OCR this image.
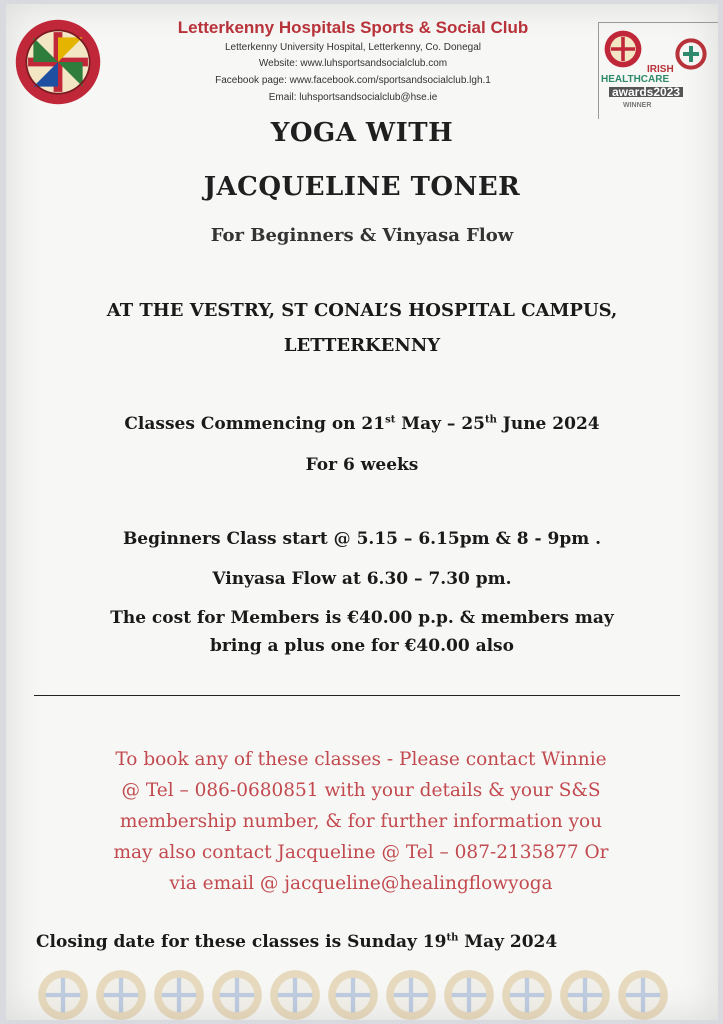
Letterkenny Hospitals Sports & Social Club
Letterkenny University Hospital, Letterkenny, Co. Donegal
Website: www.luhsportsandsocialclub.com
Facebook page: www.facebook.com/sportsandsocialclub.lgh.1
Email: luhsportsandsocialclub@hse.ie
IRISH
HEALTHCARE
awards2023
WINNER
YOGA WITH
JACQUELINE TONER
For Beginners & Vinyasa Flow
AT THE VESTRY, ST CONAL’S HOSPITAL CAMPUS,
LETTERKENNY
Classes Commencing on 21st May – 25th June 2024
For 6 weeks
Beginners Class start @ 5.15 – 6.15pm & 8 - 9pm .
Vinyasa Flow at 6.30 – 7.30 pm.
The cost for Members is €40.00 p.p. & members may
bring a plus one for €40.00 also
To book any of these classes - Please contact Winnie
@ Tel – 086-0680851 with your details & your S&S
membership number, & for further information you
may also contact Jacqueline @ Tel – 087-2135877 Or
via email @ jacqueline@healingflowyoga
Closing date for these classes is Sunday 19th May 2024
